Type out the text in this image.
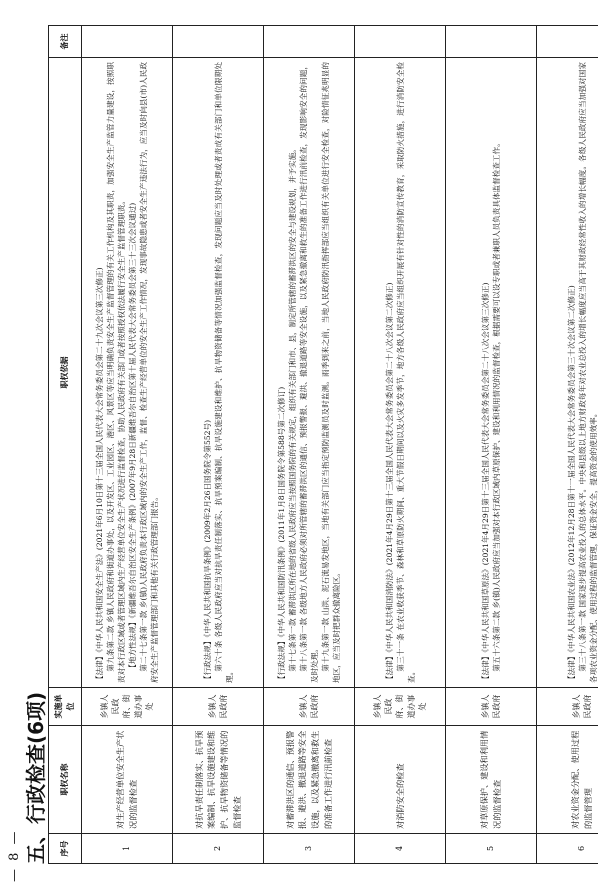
— 8 — 五、行政检查(6项) 序号	职权名称	实施单位	职权依据	备注
1	对生产经营单位安全生产状况的监督检查	乡镇人民政府、街道办事处	【法律】《中华人民共和国安全生产法》(2021年6月10日第十三届全国人民代表大会常务委员会第二十九次会议第三次修正) 第九条第二款 乡镇人民政府和街道办事处，以及开发区、工业园区、港区、风景区等应当明确负责安全生产监督管理的有关工作机构及其职责，加强安全生产监管力量建设，按照职责对本行政区域或者管理区域内生产经营单位安全生产状况进行监督检查，协助人民政府有关部门或者按照授权依法履行安全生产监督管理职责。 【地方性法规】《新疆维吾尔自治区安全生产条例》(2007年9月28日新疆维吾尔自治区第十届人民代表大会常务委员会第三十三次会议通过) 第二十七条第一款 乡(镇)人民政府负责本行政区域内的安全生产工作，监督、检查生产经营单位的安全生产工作情况，发现事故隐患或者安全生产违法行为，应当及时向县(市)人民政府安全生产监督管理部门和其他有关行政管理部门报告。	

2	对抗旱责任制落实、抗旱预案编制、抗旱设施建设和维护、抗旱物资储备等情况的监督检查	乡镇人民政府	【行政法规】《中华人民共和国抗旱条例》(2009年2月26日国务院令第552号) 第六十条 各级人民政府应当对抗旱责任制落实、抗旱预案编制、抗旱设施建设和维护、抗旱物资储备等情况加强监督检查，发现问题应当及时处理或者责成有关部门和单位限期处理。	

3	对蓄滞洪区的通信、预报警报、避洪、撤退道路等安全设施，以及紧急撤离和救生的准备工作进行汛前检查	乡镇人民政府	【行政法规】《中华人民共和国防汛条例》(2011年1月8日国务院令第588号第二次修订) 第十七条第一款 蓄滞洪区所在地的省级人民政府应当按照国务院的有关规定，组织有关部门和市、县，制定所管辖的蓄滞洪区的安全与建设规划，并予实施。 第十八条第一款 各级地方人民政府必须对所管辖的蓄滞洪区的通信、预报警报、避洪、撤退道路等安全设施，以及紧急撤离和救生的准备工作进行汛前检查，发现影响安全的问题，及时处理。 第十九条第一款 山洪、泥石流易发地区，当地有关部门应当指定预防监测员及时监测。雨季到来之前，当地人民政府防汛指挥部应当组织有关单位进行安全检查，对险情征兆明显的地区，应当及时把群众撤离险区。	

4	对消防安全的检查	乡镇人民政府、街道办事处	【法律】《中华人民共和国消防法》(2021年4月29日第十三届全国人民代表大会常务委员会第二十八次会议第二次修正) 第三十一条 在农业收获季节、森林和草原防火期间、重大节假日期间以及火灾多发季节，地方各级人民政府应当组织开展有针对性的消防宣传教育，采取防火措施，进行消防安全检查。	

5	对草原保护、建设和利用情况的监督检查	乡镇人民政府	【法律】《中华人民共和国草原法》(2021年4月29日第十三届全国人民代表大会常务委员会第二十八次会议第三次修正) 第五十六条第二款 乡(镇)人民政府应当加强对本行政区域内草原保护、建设和利用情况的监督检查，根据需要可以设专职或者兼职人员负责具体监督检查工作。	

6	对农业资金分配、使用过程的监督管理	乡镇人民政府	【法律】《中华人民共和国农业法》(2012年12月28日第十一届全国人民代表大会常务委员会第三十次会议第二次修正) 第三十八条第一款 国家逐步提高农业投入的总体水平。中央和县级以上地方财政每年对农业总投入的增长幅度应当高于其财政经常性收入的增长幅度。各级人民政府应当加强对国家各项农业资金分配、使用过程的监督管理，保证资金安全，提高资金的使用效率。	
